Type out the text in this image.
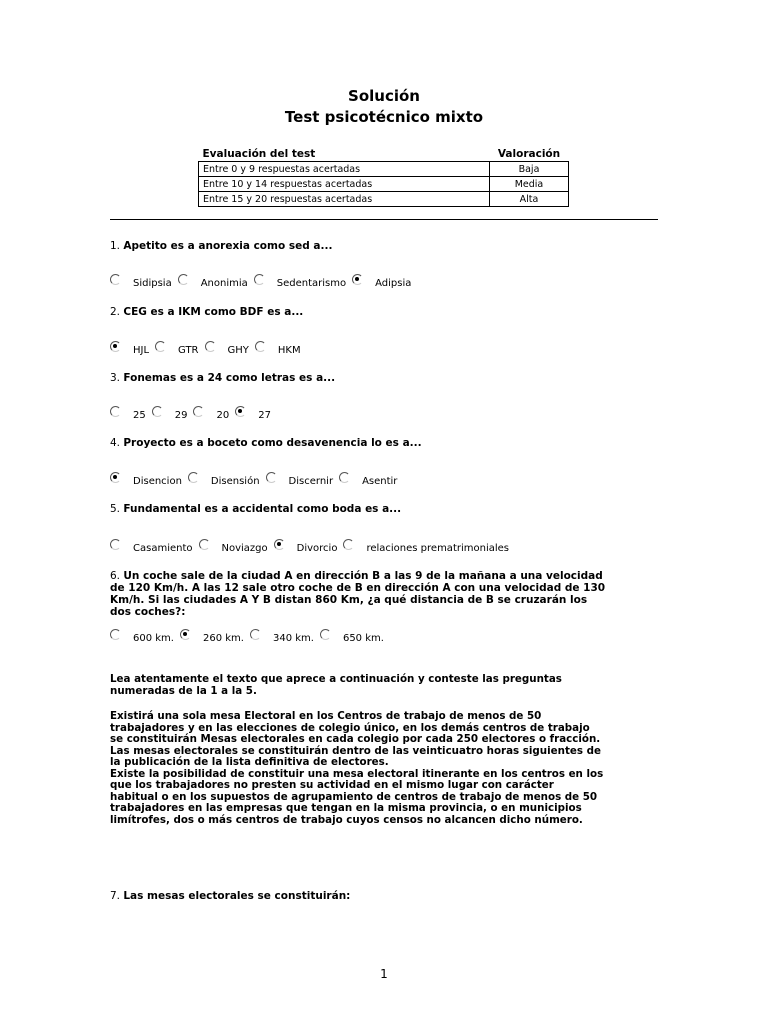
Solución
Test psicotécnico mixto
Evaluación del test	Valoración
Entre 0 y 9 respuestas acertadas	Baja
Entre 10 y 14 respuestas acertadas	Media
Entre 15 y 20 respuestas acertadas	Alta
1. Apetito es a anorexia como sed a...
Sidipsia	Anonimia	Sedentarismo	Adipsia
2. CEG es a IKM como BDF es a...
HJL	GTR	GHY	HKM
3. Fonemas es a 24 como letras es a...
25	29	20	27
4. Proyecto es a boceto como desavenencia lo es a...
Disencion	Disensión	Discernir	Asentir
5. Fundamental es a accidental como boda es a...
Casamiento	Noviazgo	Divorcio	relaciones prematrimoniales
6. Un coche sale de la ciudad A en dirección B a las 9 de la mañana a una velocidad de 120 Km/h. A las 12 sale otro coche de B en dirección A con una velocidad de 130 Km/h. Si las ciudades A Y B distan 860 Km, ¿a qué distancia de B se cruzarán los dos coches?:
600 km.	260 km.	340 km.	650 km.
Lea atentamente el texto que aprece a continuación y conteste las preguntas numeradas de la 1 a la 5.

Existirá una sola mesa Electoral en los Centros de trabajo de menos de 50 trabajadores y en las elecciones de colegio único, en los demás centros de trabajo se constituirán Mesas electorales en cada colegio por cada 250 electores o fracción.

Las mesas electorales se constituirán dentro de las veinticuatro horas siguientes de la publicación de la lista definitiva de electores.

Existe la posibilidad de constituir una mesa electoral itinerante en los centros en los que los trabajadores no presten su actividad en el mismo lugar con carácter habitual o en los supuestos de agrupamiento de centros de trabajo de menos de 50 trabajadores en las empresas que tengan en la misma provincia, o en municipios limítrofes, dos o más centros de trabajo cuyos censos no alcancen dicho número.

7. Las mesas electorales se constituirán:
1
